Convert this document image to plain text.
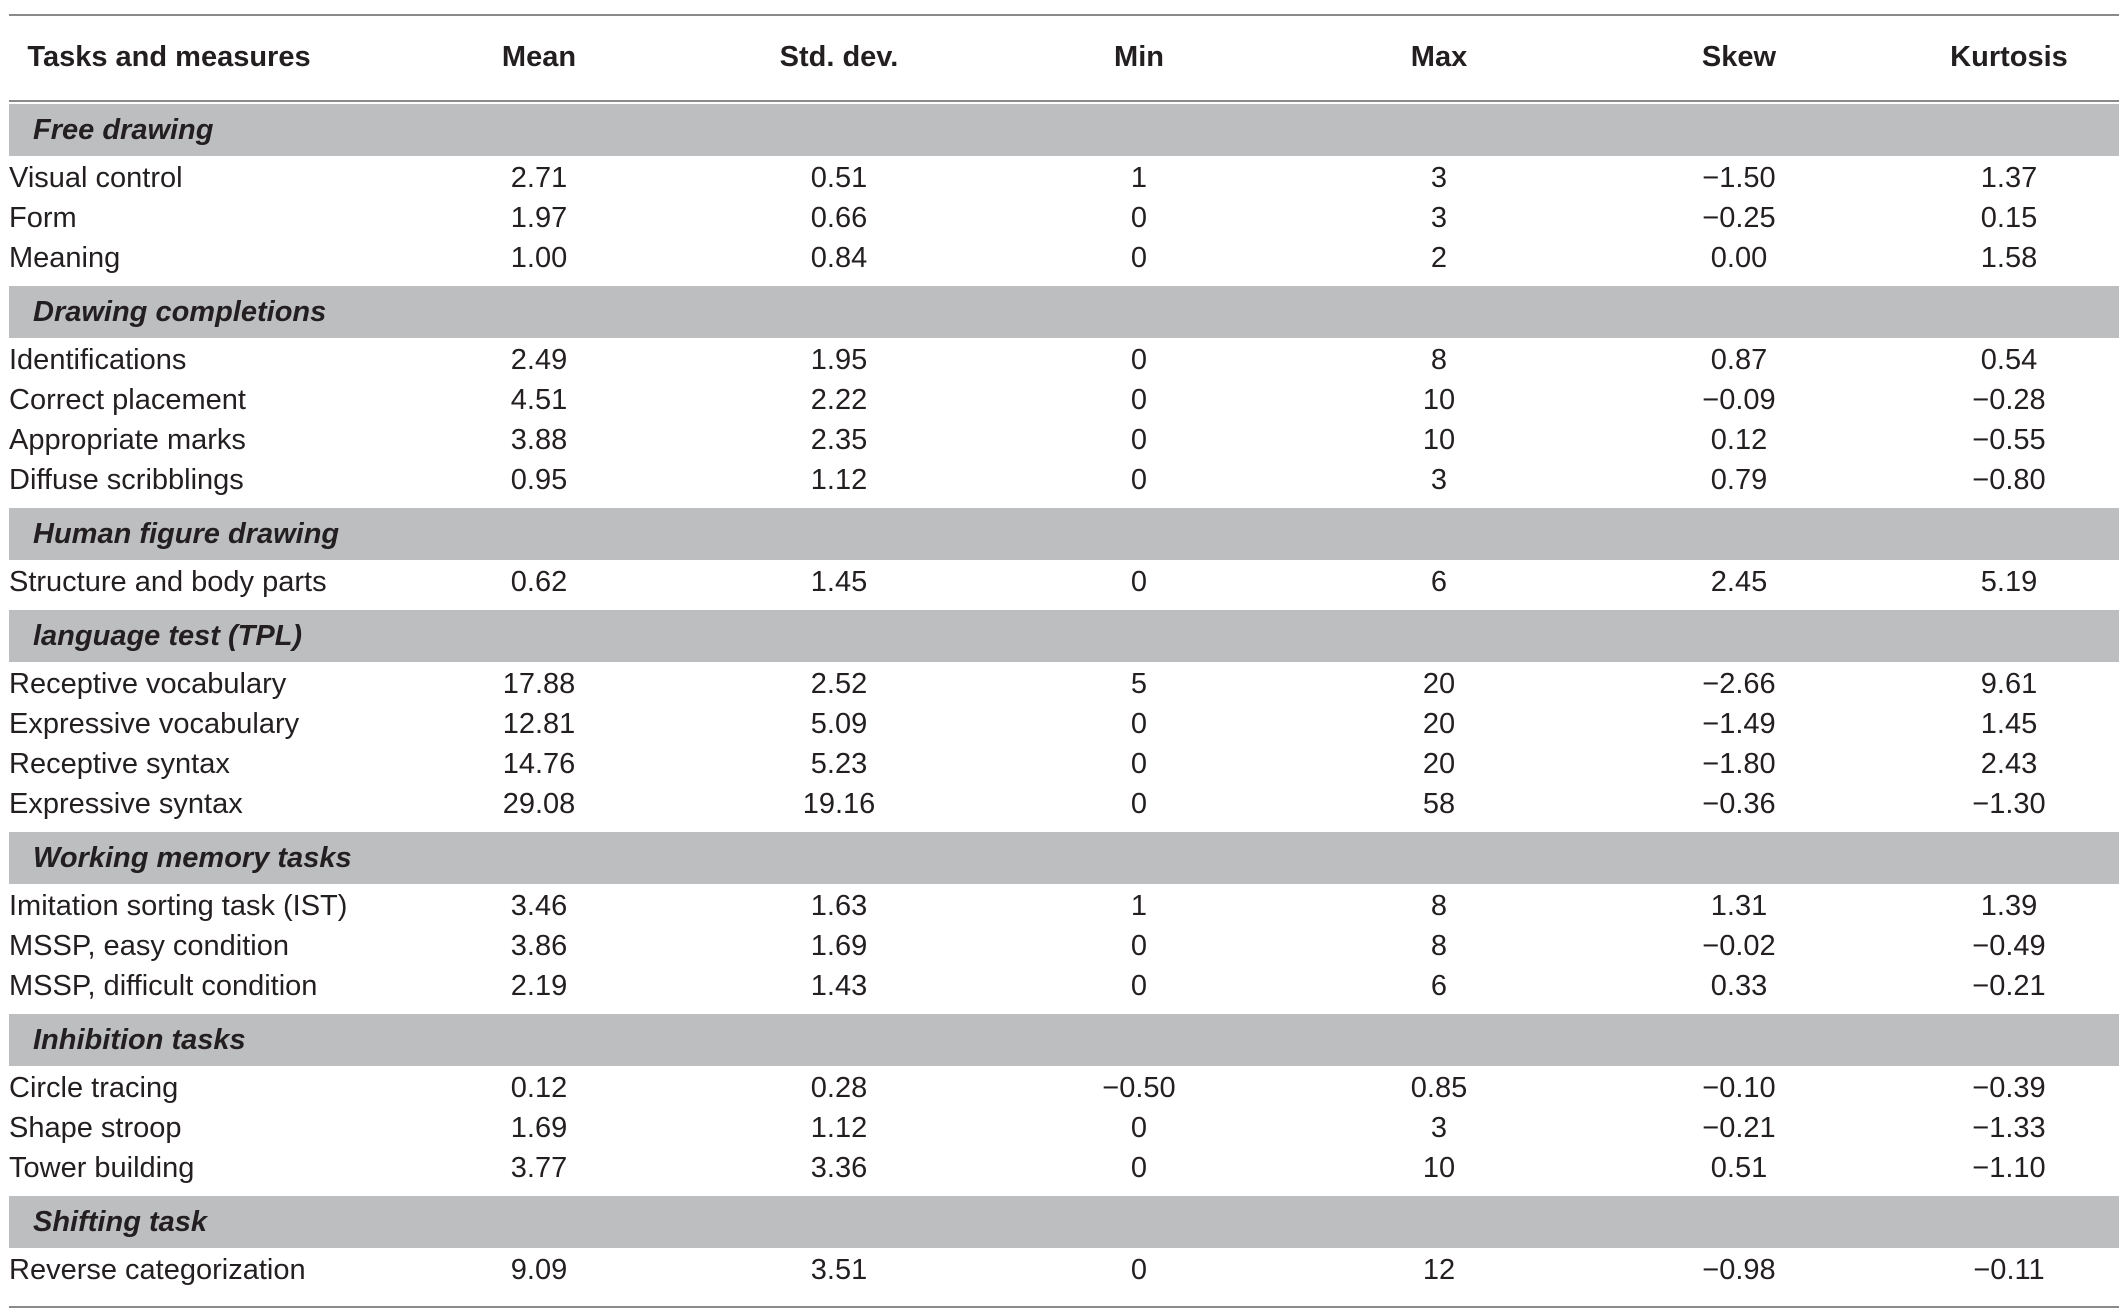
Tasks and measures	Mean	Std. dev.	Min	Max	Skew	Kurtosis
Free drawing
Visual control	2.71	0.51	1	3	−1.50	1.37
Form	1.97	0.66	0	3	−0.25	0.15
Meaning	1.00	0.84	0	2	0.00	1.58
Drawing completions
Identifications	2.49	1.95	0	8	0.87	0.54
Correct placement	4.51	2.22	0	10	−0.09	−0.28
Appropriate marks	3.88	2.35	0	10	0.12	−0.55
Diffuse scribblings	0.95	1.12	0	3	0.79	−0.80
Human figure drawing
Structure and body parts	0.62	1.45	0	6	2.45	5.19
language test (TPL)
Receptive vocabulary	17.88	2.52	5	20	−2.66	9.61
Expressive vocabulary	12.81	5.09	0	20	−1.49	1.45
Receptive syntax	14.76	5.23	0	20	−1.80	2.43
Expressive syntax	29.08	19.16	0	58	−0.36	−1.30
Working memory tasks
Imitation sorting task (IST)	3.46	1.63	1	8	1.31	1.39
MSSP, easy condition	3.86	1.69	0	8	−0.02	−0.49
MSSP, difficult condition	2.19	1.43	0	6	0.33	−0.21
Inhibition tasks
Circle tracing	0.12	0.28	−0.50	0.85	−0.10	−0.39
Shape stroop	1.69	1.12	0	3	−0.21	−1.33
Tower building	3.77	3.36	0	10	0.51	−1.10
Shifting task
Reverse categorization	9.09	3.51	0	12	−0.98	−0.11
